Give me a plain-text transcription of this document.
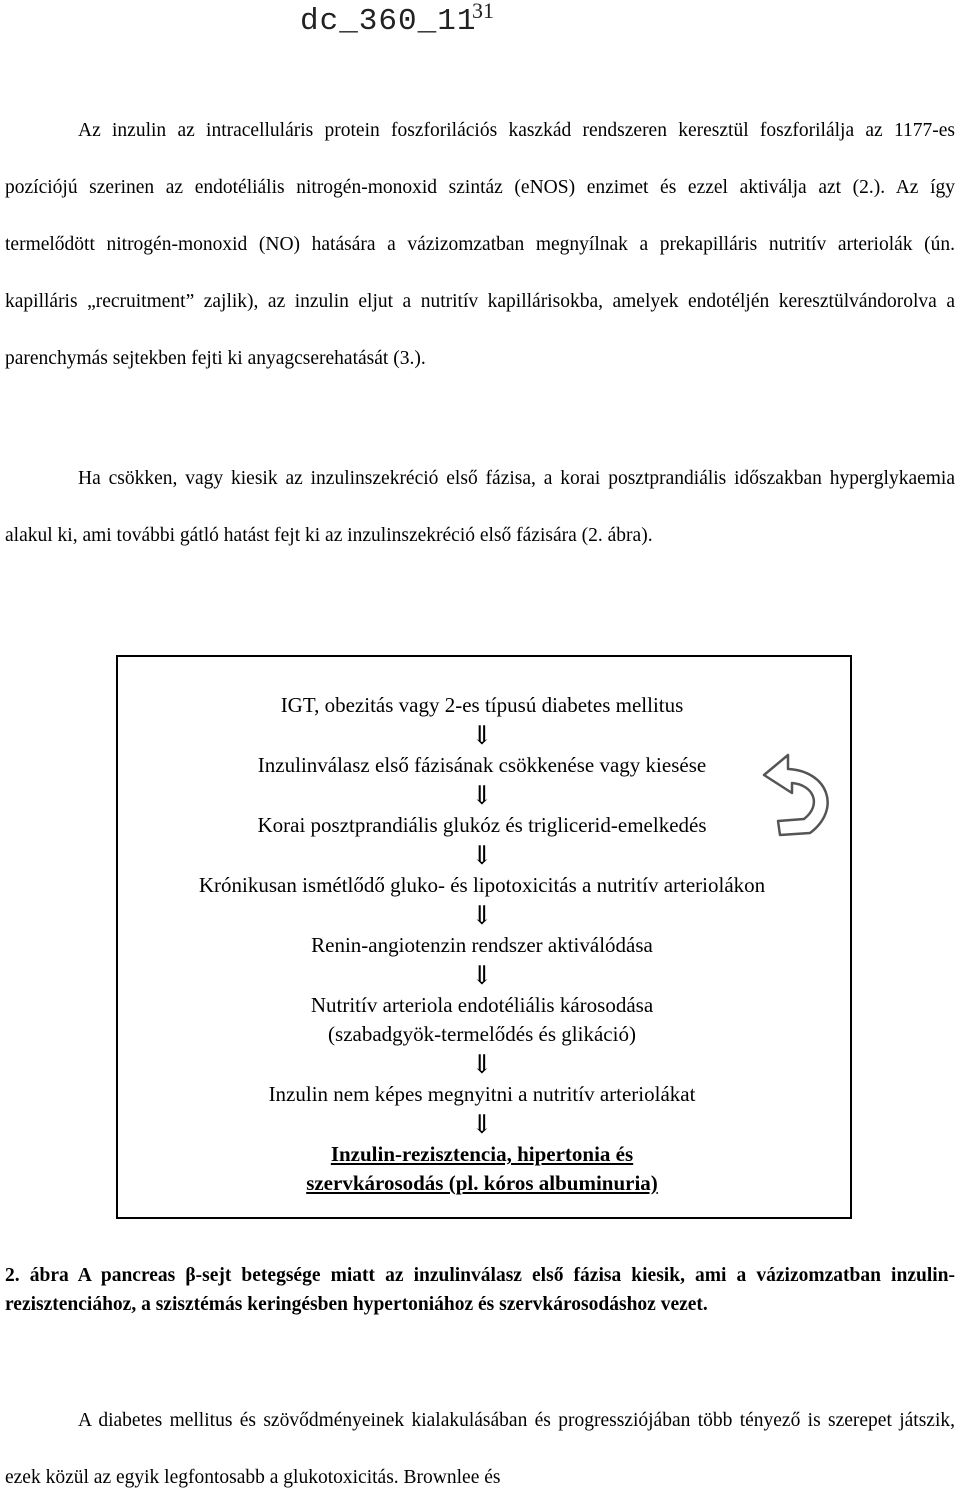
dc_360_11
31

Az inzulin az intracelluláris protein foszforilációs kaszkád rendszeren keresztül foszforilálja az 1177-es pozíciójú szerinen az endotéliális nitrogén-monoxid szintáz (eNOS) enzimet és ezzel aktiválja azt (2.). Az így termelődött nitrogén-monoxid (NO) hatására a vázizomzatban megnyílnak a prekapilláris nutritív arteriolák (ún. kapilláris „recruitment” zajlik), az inzulin eljut a nutritív kapillárisokba, amelyek endotéljén keresztülvándorolva a parenchymás sejtekben fejti ki anyagcserehatását (3.).

Ha csökken, vagy kiesik az inzulinszekréció első fázisa, a korai posztprandiális időszakban hyperglykaemia alakul ki, ami további gátló hatást fejt ki az inzulinszekréció első fázisára (2. ábra).

IGT, obezitás vagy 2-es típusú diabetes mellitus

⇓

Inzulinválasz első fázisának csökkenése vagy kiesése

⇓

Korai posztprandiális glukóz és triglicerid-emelkedés

⇓

Krónikusan ismétlődő gluko- és lipotoxicitás a nutritív arteriolákon

⇓

Renin-angiotenzin rendszer aktiválódása

⇓

Nutritív arteriola endotéliális károsodása

(szabadgyök-termelődés és glikáció)

⇓

Inzulin nem képes megnyitni a nutritív arteriolákat

⇓

Inzulin-rezisztencia, hipertonia és

szervkárosodás (pl. kóros albuminuria)

2. ábra A pancreas β-sejt betegsége miatt az inzulinválasz első fázisa kiesik, ami a vázizomzatban inzulin-rezisztenciához, a szisztémás keringésben hypertoniához és szervkárosodáshoz vezet.

A diabetes mellitus és szövődményeinek kialakulásában és progressziójában több tényező is szerepet játszik, ezek közül az egyik legfontosabb a glukotoxicitás. Brownlee és
